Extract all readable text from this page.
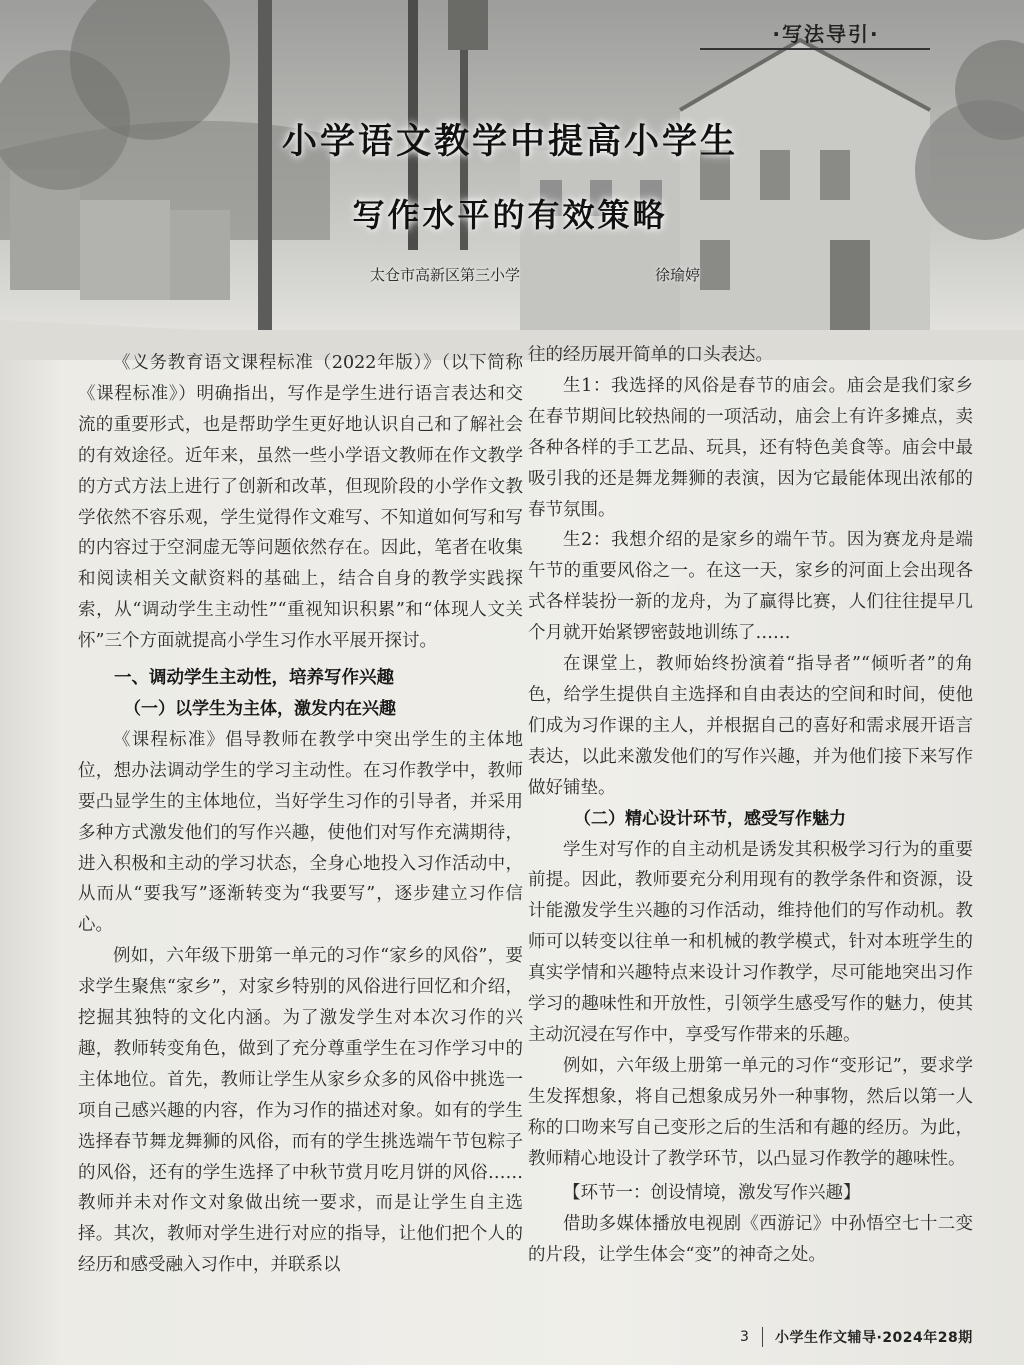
·写法导引·
小学语文教学中提高小学生
写作水平的有效策略
太仓市高新区第三小学	徐瑜婷

《义务教育语文课程标准（2022年版）》（以下简称《课程标准》）明确指出，写作是学生进行语言表达和交流的重要形式，也是帮助学生更好地认识自己和了解社会的有效途径。近年来，虽然一些小学语文教师在作文教学的方式方法上进行了创新和改革，但现阶段的小学作文教学依然不容乐观，学生觉得作文难写、不知道如何写和写的内容过于空洞虚无等问题依然存在。因此，笔者在收集和阅读相关文献资料的基础上，结合自身的教学实践探索，从“调动学生主动性”“重视知识积累”和“体现人文关怀”三个方面就提高小学生习作水平展开探讨。

一、调动学生主动性，培养写作兴趣
（一）以学生为主体，激发内在兴趣

《课程标准》倡导教师在教学中突出学生的主体地位，想办法调动学生的学习主动性。在习作教学中，教师要凸显学生的主体地位，当好学生习作的引导者，并采用多种方式激发他们的写作兴趣，使他们对写作充满期待，进入积极和主动的学习状态，全身心地投入习作活动中，从而从“要我写”逐渐转变为“我要写”，逐步建立习作信心。

例如，六年级下册第一单元的习作“家乡的风俗”，要求学生聚焦“家乡”，对家乡特别的风俗进行回忆和介绍，挖掘其独特的文化内涵。为了激发学生对本次习作的兴趣，教师转变角色，做到了充分尊重学生在习作学习中的主体地位。首先，教师让学生从家乡众多的风俗中挑选一项自己感兴趣的内容，作为习作的描述对象。如有的学生选择春节舞龙舞狮的风俗，而有的学生挑选端午节包粽子的风俗，还有的学生选择了中秋节赏月吃月饼的风俗……教师并未对作文对象做出统一要求，而是让学生自主选择。其次，教师对学生进行对应的指导，让他们把个人的经历和感受融入习作中，并联系以

往的经历展开简单的口头表达。

生1：我选择的风俗是春节的庙会。庙会是我们家乡在春节期间比较热闹的一项活动，庙会上有许多摊点，卖各种各样的手工艺品、玩具，还有特色美食等。庙会中最吸引我的还是舞龙舞狮的表演，因为它最能体现出浓郁的春节氛围。

生2：我想介绍的是家乡的端午节。因为赛龙舟是端午节的重要风俗之一。在这一天，家乡的河面上会出现各式各样装扮一新的龙舟，为了赢得比赛，人们往往提早几个月就开始紧锣密鼓地训练了……

在课堂上，教师始终扮演着“指导者”“倾听者”的角色，给学生提供自主选择和自由表达的空间和时间，使他们成为习作课的主人，并根据自己的喜好和需求展开语言表达，以此来激发他们的写作兴趣，并为他们接下来写作做好铺垫。

（二）精心设计环节，感受写作魅力

学生对写作的自主动机是诱发其积极学习行为的重要前提。因此，教师要充分利用现有的教学条件和资源，设计能激发学生兴趣的习作活动，维持他们的写作动机。教师可以转变以往单一和机械的教学模式，针对本班学生的真实学情和兴趣特点来设计习作教学，尽可能地突出习作学习的趣味性和开放性，引领学生感受写作的魅力，使其主动沉浸在写作中，享受写作带来的乐趣。

例如，六年级上册第一单元的习作“变形记”，要求学生发挥想象，将自己想象成另外一种事物，然后以第一人称的口吻来写自己变形之后的生活和有趣的经历。为此，教师精心地设计了教学环节，以凸显习作教学的趣味性。

【环节一：创设情境，激发写作兴趣】

借助多媒体播放电视剧《西游记》中孙悟空七十二变的片段，让学生体会“变”的神奇之处。

3	小学生作文辅导·2024年28期
